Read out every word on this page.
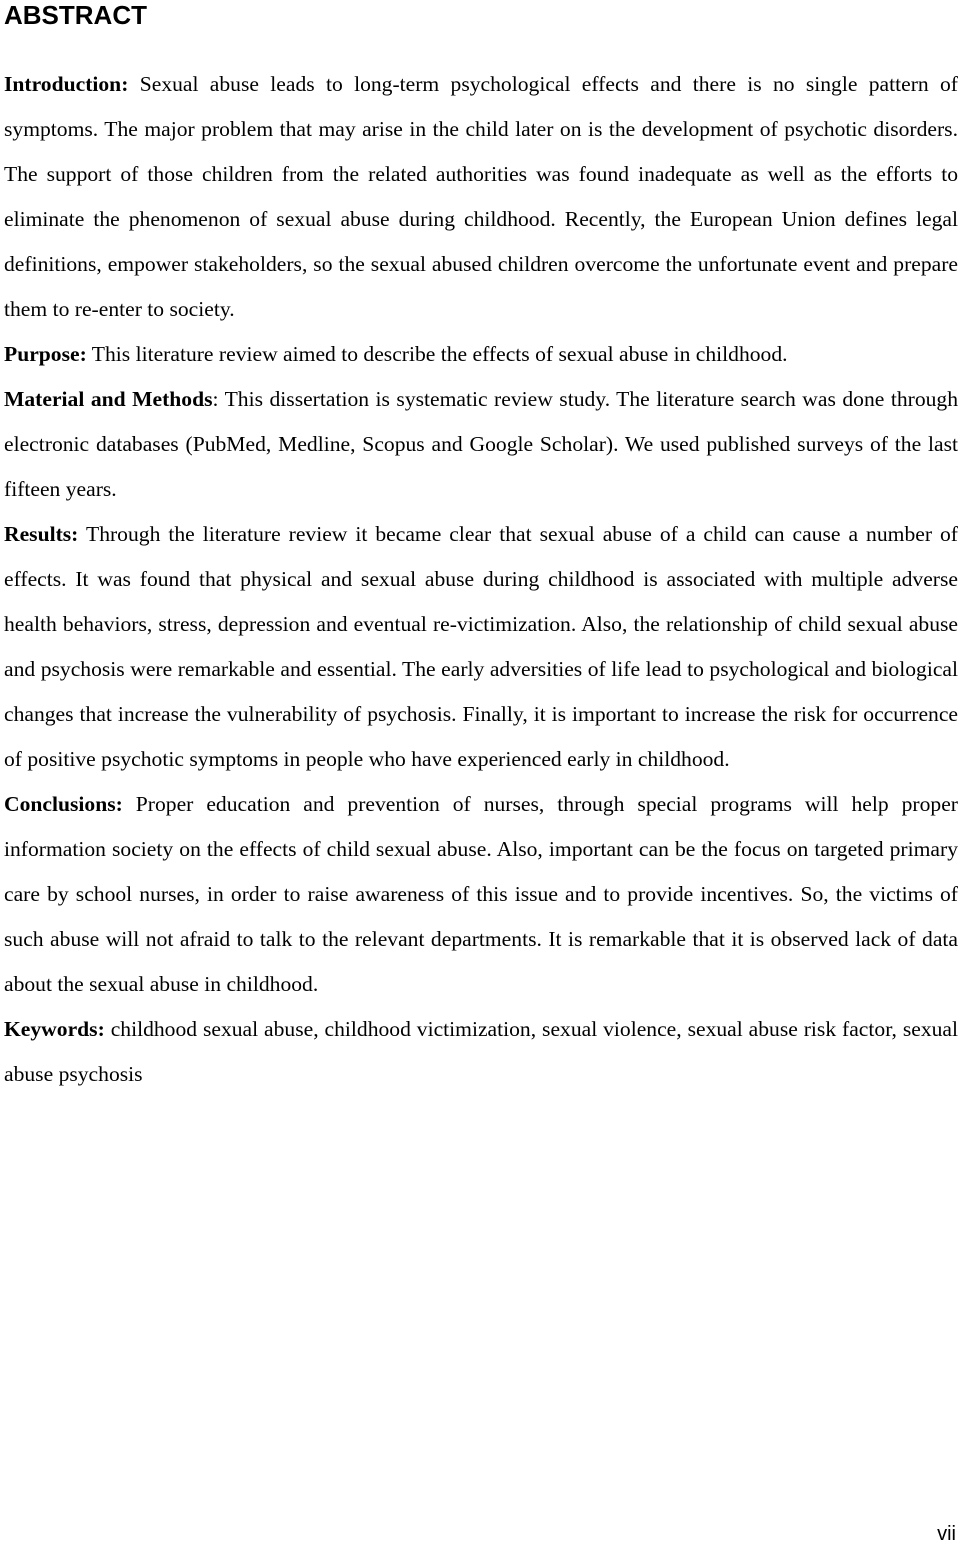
ABSTRACT

Introduction: Sexual abuse leads to long-term psychological effects and there is no single pattern of symptoms. The major problem that may arise in the child later on is the development of psychotic disorders. The support of those children from the related authorities was found inadequate as well as the efforts to eliminate the phenomenon of sexual abuse during childhood. Recently, the European Union defines legal definitions, empower stakeholders, so the sexual abused children overcome the unfortunate event and prepare them to re-enter to society.

Purpose: This literature review aimed to describe the effects of sexual abuse in childhood.

Material and Methods: This dissertation is systematic review study. The literature search was done through electronic databases (PubMed, Medline, Scopus and Google Scholar). We used published surveys of the last fifteen years.

Results: Through the literature review it became clear that sexual abuse of a child can cause a number of effects. It was found that physical and sexual abuse during childhood is associated with multiple adverse health behaviors, stress, depression and eventual re-victimization. Also, the relationship of child sexual abuse and psychosis were remarkable and essential. The early adversities of life lead to psychological and biological changes that increase the vulnerability of psychosis. Finally, it is important to increase the risk for occurrence of positive psychotic symptoms in people who have experienced early in childhood.

Conclusions: Proper education and prevention of nurses, through special programs will help proper information society on the effects of child sexual abuse. Also, important can be the focus on targeted primary care by school nurses, in order to raise awareness of this issue and to provide incentives. So, the victims of such abuse will not afraid to talk to the relevant departments. It is remarkable that it is observed lack of data about the sexual abuse in childhood.

Keywords: childhood sexual abuse, childhood victimization, sexual violence, sexual abuse risk factor, sexual abuse psychosis

vii
